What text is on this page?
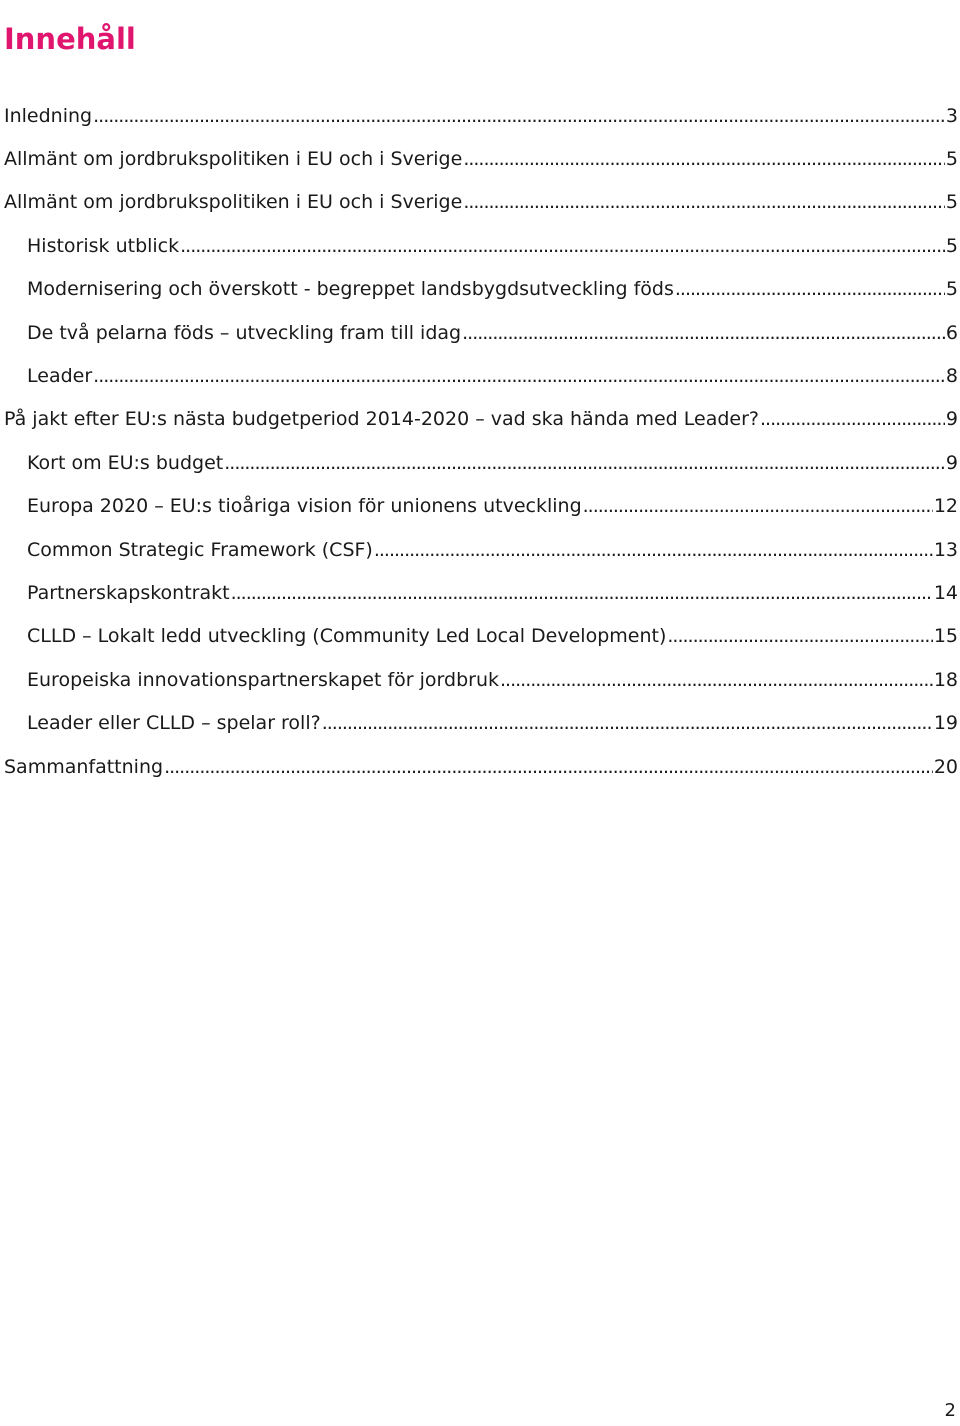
Innehåll
Inledning .....	3
Allmänt om jordbrukspolitiken i EU och i Sverige .....	5
Allmänt om jordbrukspolitiken i EU och i Sverige .....	5
Historisk utblick .....	5
Modernisering och överskott - begreppet landsbygdsutveckling föds .....	5
De två pelarna föds – utveckling fram till idag .....	6
Leader .....	8
På jakt efter EU:s nästa budgetperiod 2014-2020 – vad ska hända med Leader? .....	9
Kort om EU:s budget .....	9
Europa 2020 – EU:s tioåriga vision för unionens utveckling .....	12
Common Strategic Framework (CSF) .....	13
Partnerskapskontrakt .....	14
CLLD – Lokalt ledd utveckling (Community Led Local Development) .....	15
Europeiska innovationspartnerskapet för jordbruk .....	18
Leader eller CLLD – spelar roll? .....	19
Sammanfattning .....	20
2
